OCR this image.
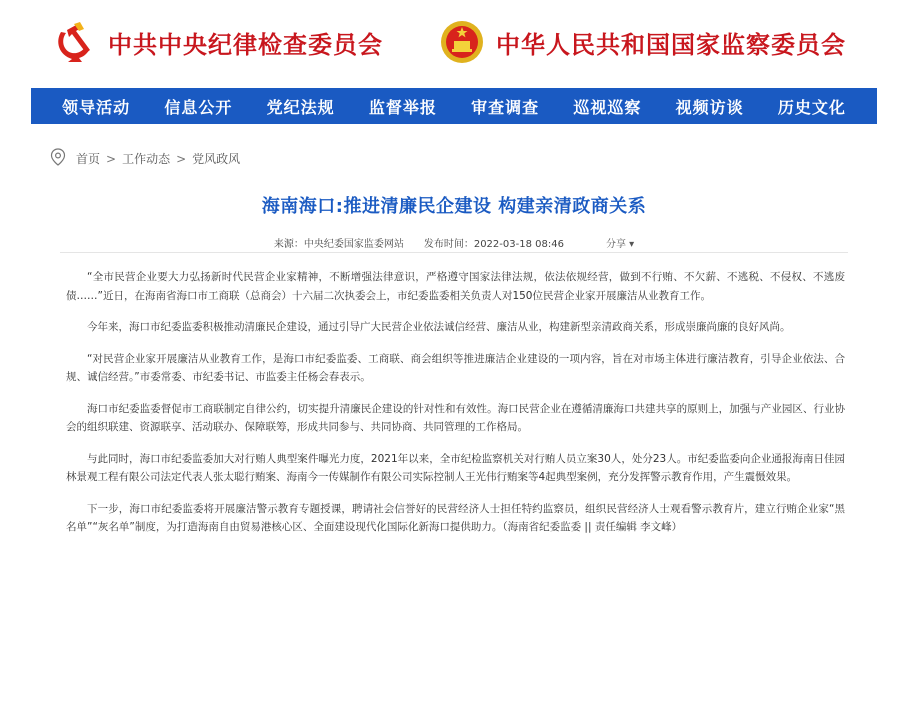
中共中央纪律检查委员会	中华人民共和国国家监察委员会
领导活动 信息公开 党纪法规 监督举报 审查调查 巡视巡察 视频访谈 历史文化
首页 > 工作动态 > 党风政风
海南海口:推进清廉民企建设 构建亲清政商关系
来源：中央纪委国家监委网站 发布时间：2022-03-18 08:46	分享 ▾

“全市民营企业要大力弘扬新时代民营企业家精神，不断增强法律意识，严格遵守国家法律法规，依法依规经营，做到不行贿、不欠薪、不逃税、不侵权、不逃废债……”近日，在海南省海口市工商联（总商会）十六届二次执委会上，市纪委监委相关负责人对150位民营企业家开展廉洁从业教育工作。

今年来，海口市纪委监委积极推动清廉民企建设，通过引导广大民营企业依法诚信经营、廉洁从业，构建新型亲清政商关系，形成崇廉尚廉的良好风尚。

“对民营企业家开展廉洁从业教育工作，是海口市纪委监委、工商联、商会组织等推进廉洁企业建设的一项内容，旨在对市场主体进行廉洁教育，引导企业依法、合规、诚信经营。”市委常委、市纪委书记、市监委主任杨会春表示。

海口市纪委监委督促市工商联制定自律公约，切实提升清廉民企建设的针对性和有效性。海口民营企业在遵循清廉海口共建共享的原则上，加强与产业园区、行业协会的组织联建、资源联享、活动联办、保障联筹，形成共同参与、共同协商、共同管理的工作格局。

与此同时，海口市纪委监委加大对行贿人典型案件曝光力度，2021年以来，全市纪检监察机关对行贿人员立案30人，处分23人。市纪委监委向企业通报海南日佳园林景观工程有限公司法定代表人张太聪行贿案、海南今一传媒制作有限公司实际控制人王光伟行贿案等4起典型案例，充分发挥警示教育作用，产生震慑效果。

下一步，海口市纪委监委将开展廉洁警示教育专题授课，聘请社会信誉好的民营经济人士担任特约监察员，组织民营经济人士观看警示教育片，建立行贿企业家“黑名单”“灰名单”制度，为打造海南自由贸易港核心区、全面建设现代化国际化新海口提供助力。（海南省纪委监委 || 责任编辑 李文峰）
